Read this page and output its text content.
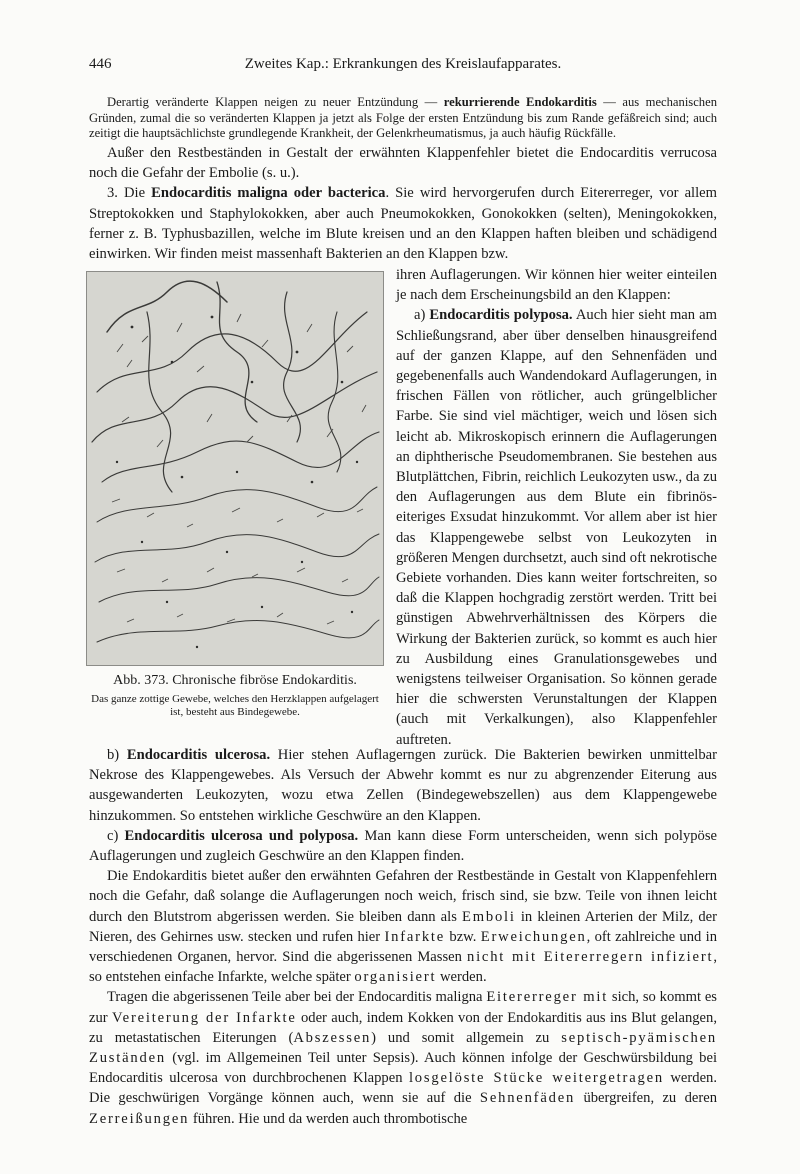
446	Zweites Kap.: Erkrankungen des Kreislaufapparates.

Derartig veränderte Klappen neigen zu neuer Entzündung — rekurrierende Endokarditis — aus mechanischen Gründen, zumal die so veränderten Klappen ja jetzt als Folge der ersten Entzündung bis zum Rande gefäßreich sind; auch zeitigt die hauptsächlichste grundlegende Krankheit, der Gelenkrheumatismus, ja auch häufig Rückfälle.

Außer den Restbeständen in Gestalt der erwähnten Klappenfehler bietet die Endocarditis verrucosa noch die Gefahr der Embolie (s. u.).

3. Die Endocarditis maligna oder bacterica. Sie wird hervorgerufen durch Eitererreger, vor allem Streptokokken und Staphylokokken, aber auch Pneumokokken, Gonokokken (selten), Meningokokken, ferner z. B. Typhusbazillen, welche im Blute kreisen und an den Klappen haften bleiben und schädigend einwirken. Wir finden meist massenhaft Bakterien an den Klappen bzw.

Abb. 373. Chronische fibröse Endokarditis.
Das ganze zottige Gewebe, welches den Herzklappen aufgelagert ist, besteht aus Bindegewebe.

ihren Auflagerungen. Wir können hier weiter einteilen je nach dem Erscheinungsbild an den Klappen:

a) Endocarditis polyposa. Auch hier sieht man am Schließungsrand, aber über denselben hinausgreifend auf der ganzen Klappe, auf den Sehnenfäden und gegebenenfalls auch Wandendokard Auflagerungen, in frischen Fällen von rötlicher, auch grüngelblicher Farbe. Sie sind viel mächtiger, weich und lösen sich leicht ab. Mikroskopisch erinnern die Auflagerungen an diphtherische Pseudomembranen. Sie bestehen aus Blutplättchen, Fibrin, reichlich Leukozyten usw., da zu den Auflagerungen aus dem Blute ein fibrinös-eiteriges Exsudat hinzukommt. Vor allem aber ist hier das Klappengewebe selbst von Leukozyten in größeren Mengen durchsetzt, auch sind oft nekrotische Gebiete vorhanden. Dies kann weiter fortschreiten, so daß die Klappen hochgradig zerstört werden. Tritt bei günstigen Abwehrverhältnissen des Körpers die Wirkung der Bakterien zurück, so kommt es auch hier zu Ausbildung eines Granulationsgewebes und wenigstens teilweiser Organisation. So können gerade hier die schwersten Verunstaltungen der Klappen (auch mit Verkalkungen), also Klappenfehler auftreten.

b) Endocarditis ulcerosa. Hier stehen Auflagerngen zurück. Die Bakterien bewirken unmittelbar Nekrose des Klappengewebes. Als Versuch der Abwehr kommt es nur zu abgrenzender Eiterung aus ausgewanderten Leukozyten, wozu etwa Zellen (Bindegewebszellen) aus dem Klappengewebe hinzukommen. So entstehen wirkliche Geschwüre an den Klappen.

c) Endocarditis ulcerosa und polyposa. Man kann diese Form unterscheiden, wenn sich polypöse Auflagerungen und zugleich Geschwüre an den Klappen finden.

Die Endokarditis bietet außer den erwähnten Gefahren der Restbestände in Gestalt von Klappenfehlern noch die Gefahr, daß solange die Auflagerungen noch weich, frisch sind, sie bzw. Teile von ihnen leicht durch den Blutstrom abgerissen werden. Sie bleiben dann als Emboli in kleinen Arterien der Milz, der Nieren, des Gehirnes usw. stecken und rufen hier Infarkte bzw. Erweichungen, oft zahlreiche und in verschiedenen Organen, hervor. Sind die abgerissenen Massen nicht mit Eitererregern infiziert, so entstehen einfache Infarkte, welche später organisiert werden.

Tragen die abgerissenen Teile aber bei der Endocarditis maligna Eitererreger mit sich, so kommt es zur Vereiterung der Infarkte oder auch, indem Kokken von der Endokarditis aus ins Blut gelangen, zu metastatischen Eiterungen (Abszessen) und somit allgemein zu septisch-pyämischen Zuständen (vgl. im Allgemeinen Teil unter Sepsis). Auch können infolge der Geschwürsbildung bei Endocarditis ulcerosa von durchbrochenen Klappen losgelöste Stücke weitergetragen werden. Die geschwürigen Vorgänge können auch, wenn sie auf die Sehnenfäden übergreifen, zu deren Zerreißungen führen. Hie und da werden auch thrombotische
